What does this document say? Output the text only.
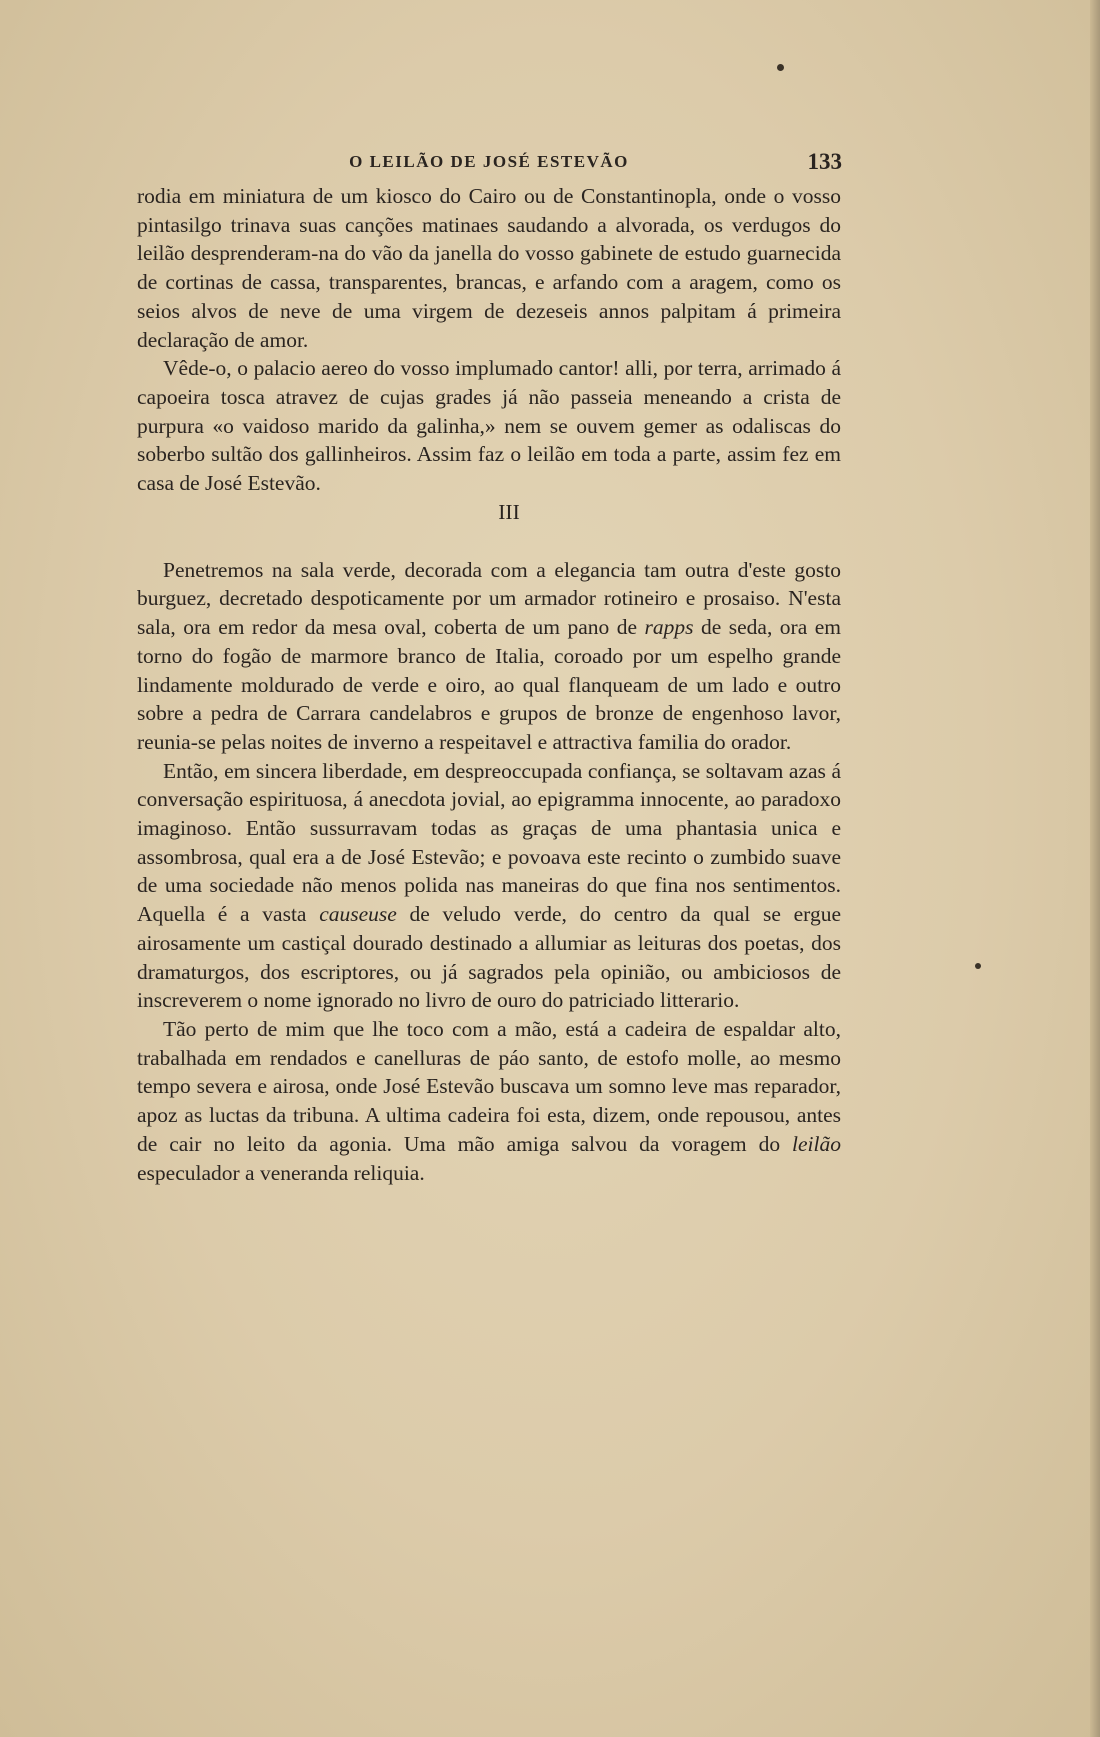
O LEILÃO DE JOSÉ ESTEVÃO	133

rodia em miniatura de um kiosco do Cairo ou de Constantinopla, onde o vosso pintasilgo trinava suas canções matinaes saudando a alvorada, os verdugos do leilão desprenderam-na do vão da janella do vosso gabinete de estudo guarnecida de cortinas de cassa, transparentes, brancas, e arfando com a aragem, como os seios alvos de neve de uma virgem de dezeseis annos palpitam á primeira declaração de amor.

Vêde-o, o palacio aereo do vosso implumado cantor! alli, por terra, arrimado á capoeira tosca atravez de cujas grades já não passeia meneando a crista de purpura «o vaidoso marido da galinha,» nem se ouvem gemer as odaliscas do soberbo sultão dos gallinheiros. Assim faz o leilão em toda a parte, assim fez em casa de José Estevão.

III

Penetremos na sala verde, decorada com a elegancia tam outra d'este gosto burguez, decretado despoticamente por um armador rotineiro e prosaiso. N'esta sala, ora em redor da mesa oval, coberta de um pano de rapps de seda, ora em torno do fogão de marmore branco de Italia, coroado por um espelho grande lindamente moldurado de verde e oiro, ao qual flanqueam de um lado e outro sobre a pedra de Carrara candelabros e grupos de bronze de engenhoso lavor, reunia-se pelas noites de inverno a respeitavel e attractiva familia do orador.

Então, em sincera liberdade, em despreoccupada confiança, se soltavam azas á conversação espirituosa, á anecdota jovial, ao epigramma innocente, ao paradoxo imaginoso. Então sussurravam todas as graças de uma phantasia unica e assombrosa, qual era a de José Estevão; e povoava este recinto o zumbido suave de uma sociedade não menos polida nas maneiras do que fina nos sentimentos. Aquella é a vasta causeuse de veludo verde, do centro da qual se ergue airosamente um castiçal dourado destinado a allumiar as leituras dos poetas, dos dramaturgos, dos escriptores, ou já sagrados pela opinião, ou ambiciosos de inscreverem o nome ignorado no livro de ouro do patriciado litterario.

Tão perto de mim que lhe toco com a mão, está a cadeira de espaldar alto, trabalhada em rendados e canelluras de páo santo, de estofo molle, ao mesmo tempo severa e airosa, onde José Estevão buscava um somno leve mas reparador, apoz as luctas da tribuna. A ultima cadeira foi esta, dizem, onde repousou, antes de cair no leito da agonia. Uma mão amiga salvou da voragem do leilão especulador a veneranda reliquia.
